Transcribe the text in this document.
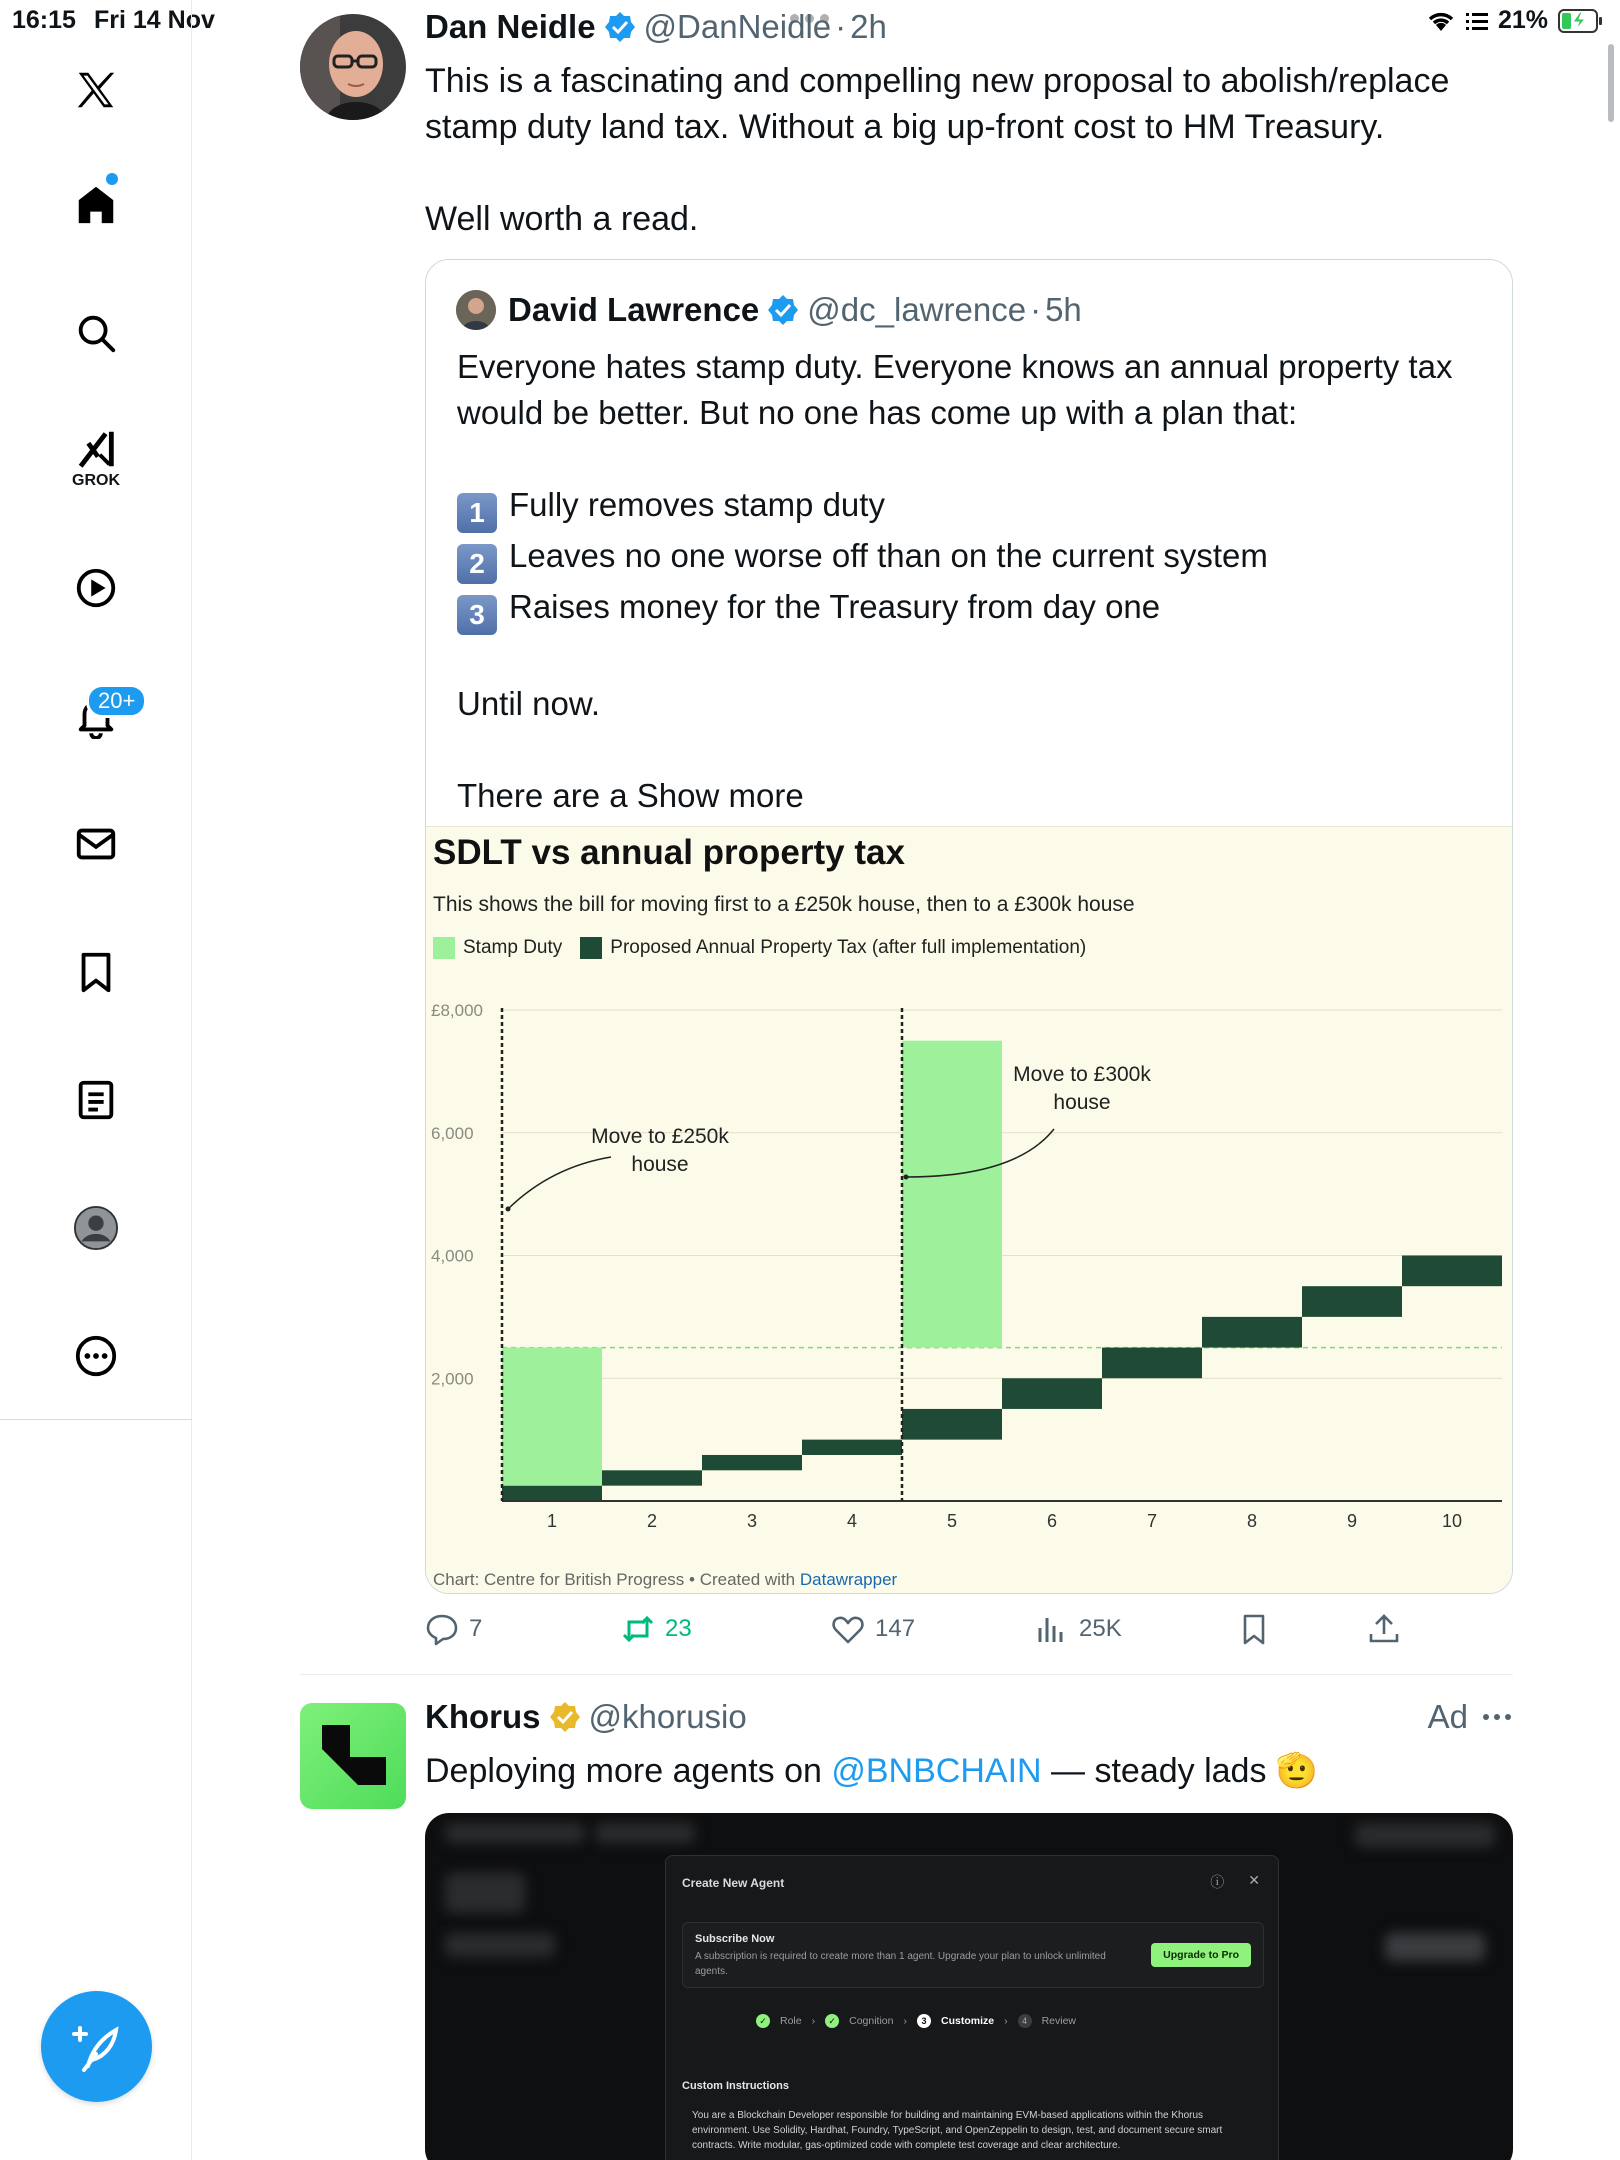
16:15 Fri 14 Nov	21%
GROK
20+
Dan Neidle @DanNeidle · 2h

This is a fascinating and compelling new proposal to abolish/replace stamp duty land tax. Without a big up-front cost to HM Treasury.

Well worth a read.

David Lawrence @dc_lawrence · 5h
Everyone hates stamp duty. Everyone knows an annual property tax would be better. But no one has come up with a plan that:
1 Fully removes stamp duty
2 Leaves no one worse off than on the current system
3 Raises money for the Treasury from day one
Until now.
There are a Show more
£8,000
6,000
4,000
2,000
1	2	3	4	5	6	7	8	9	10
Move to £250k
house
Move to £300k
house
SDLT vs annual property tax
This shows the bill for moving first to a £250k house, then to a £300k house
Stamp Duty	Proposed Annual Property Tax (after full implementation)
Chart: Centre for British Progress • Created with Datawrapper
7	23	147	25K
Khorus @khorusio	Ad
Deploying more agents on @BNBCHAIN — steady lads 🫡
Create New Agent	ⓘ ✕
Subscribe Now
A subscription is required to create more than 1 agent. Upgrade your plan to unlock unlimited agents.
Upgrade to Pro
✓	Role ›	✓	Cognition ›	3	Customize ›	4	Review
Custom Instructions
You are a Blockchain Developer responsible for building and maintaining EVM-based applications within the Khorus environment. Use Solidity, Hardhat, Foundry, TypeScript, and OpenZeppelin to design, test, and document secure smart contracts. Write modular, gas-optimized code with complete test coverage and clear architecture.
